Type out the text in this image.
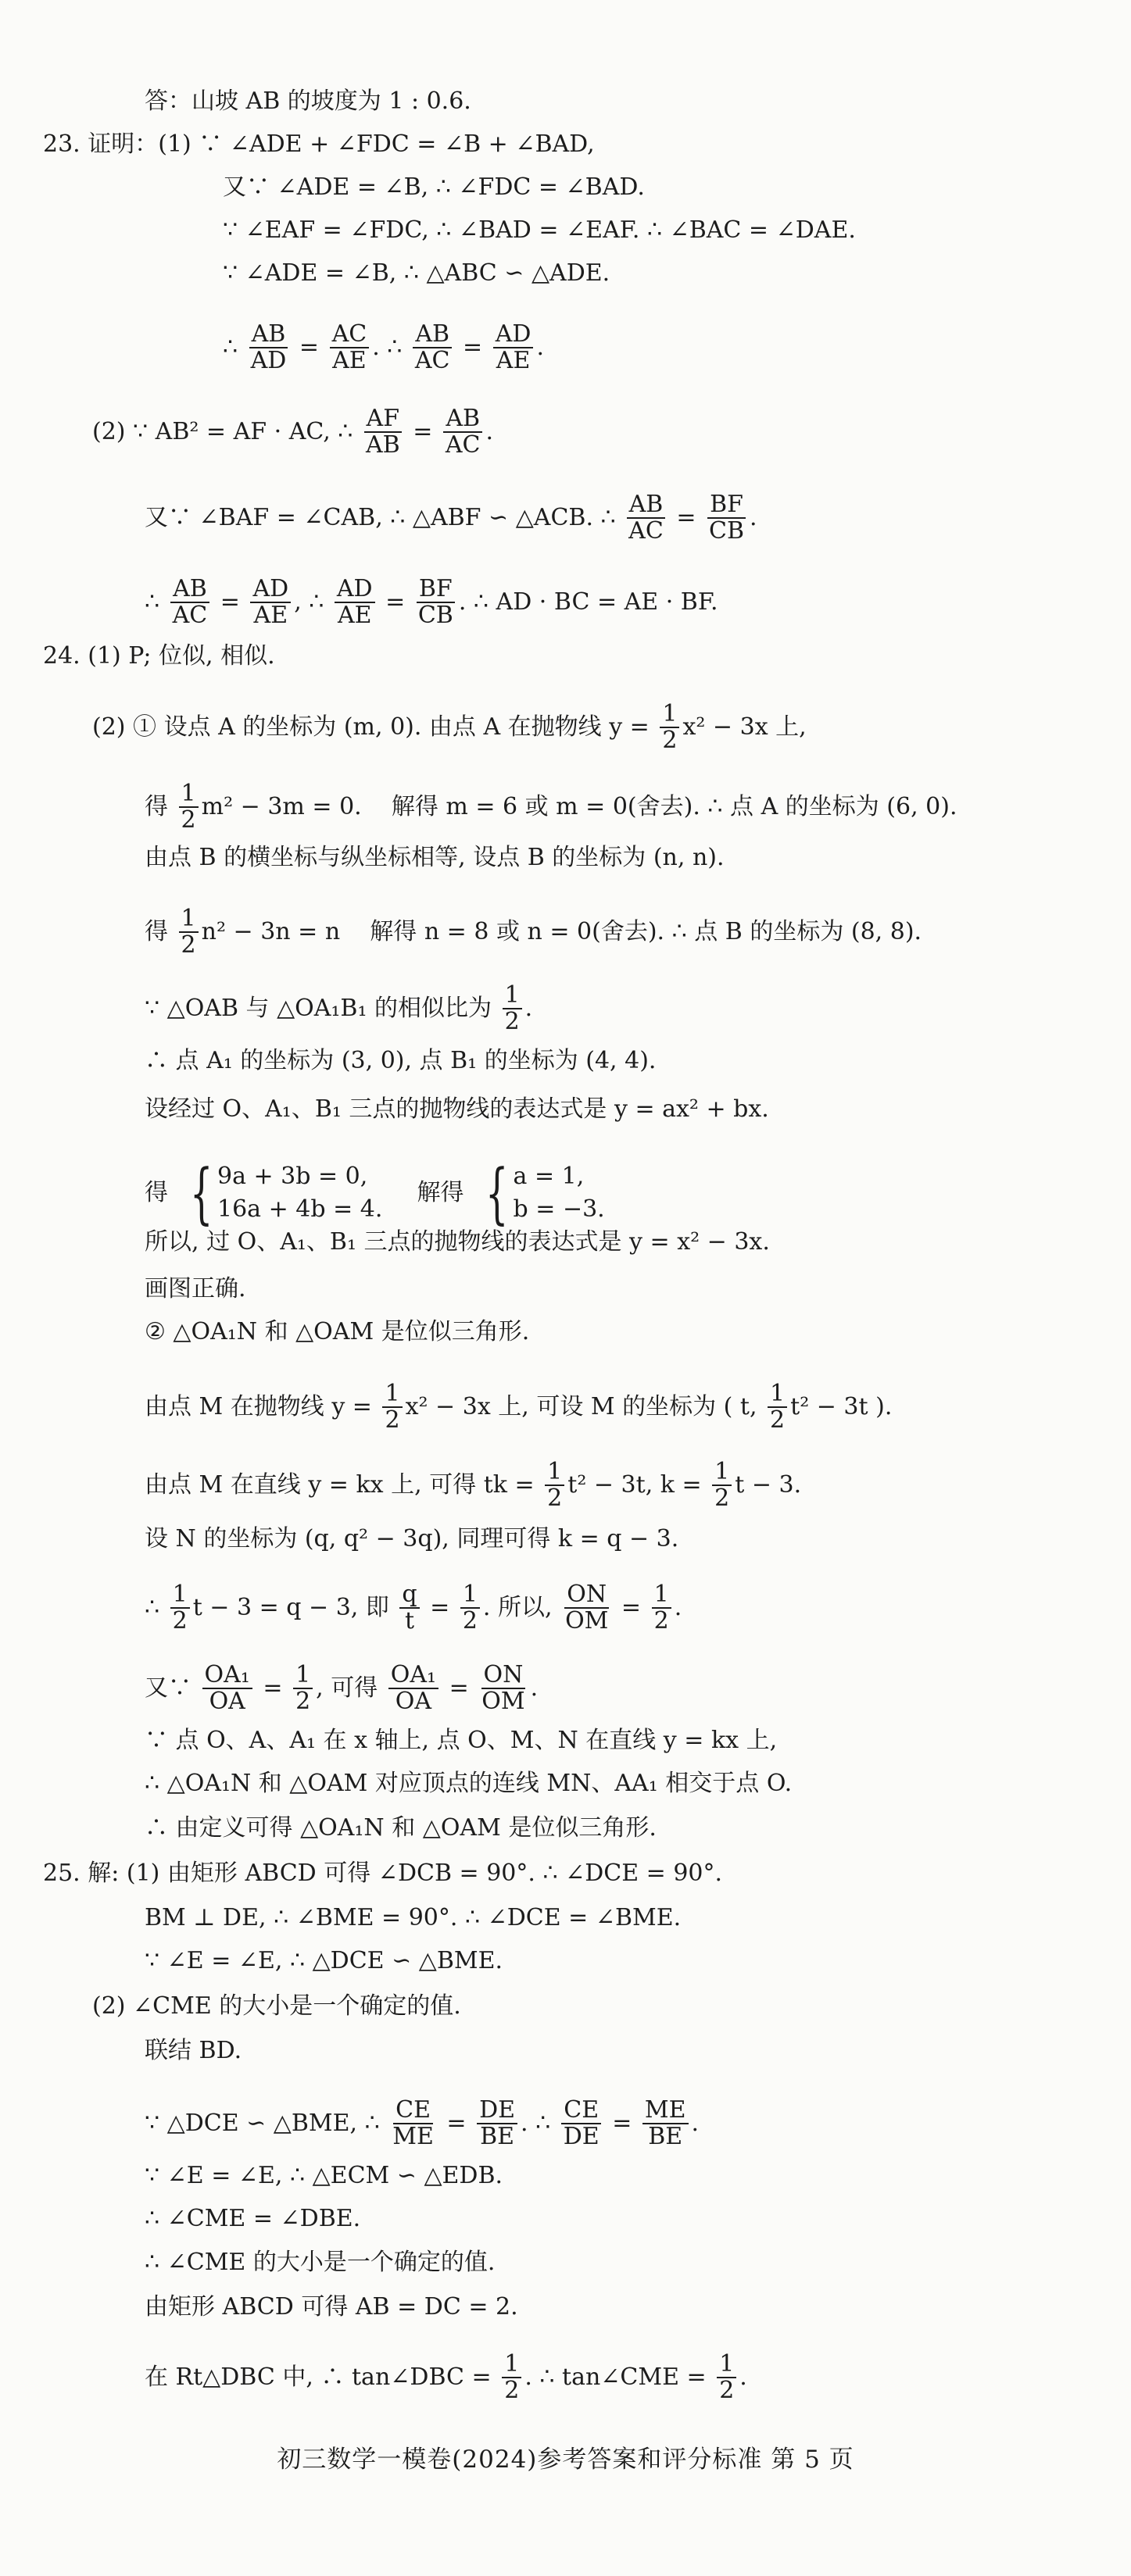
答：山坡 AB 的坡度为 1 : 0.6.
23. 证明：(1) ∵ ∠ADE + ∠FDC = ∠B + ∠BAD,
又∵ ∠ADE = ∠B, ∴ ∠FDC = ∠BAD.
∵ ∠EAF = ∠FDC, ∴ ∠BAD = ∠EAF. ∴ ∠BAC = ∠DAE.
∵ ∠ADE = ∠B, ∴ △ABC ∽ △ADE.
∴ $\frac{AB}{AD} = \frac{AC}{AE}$ . ∴ $\frac{AB}{AC} = \frac{AD}{AE}$ .
(2) ∵ AB² = AF · AC, ∴ $\frac{AF}{AB} = \frac{AB}{AC}$ .
又∵ ∠BAF = ∠CAB, ∴ △ABF ∽ △ACB. ∴ $\frac{AB}{AC} = \frac{BF}{CB}$ .
∴ $\frac{AB}{AC} = \frac{AD}{AE}$ , ∴ $\frac{AD}{AE} = \frac{BF}{CB}$ . ∴ AD · BC = AE · BF.
24. (1) P; 位似, 相似.
(2) ① 设点 A 的坐标为 (m, 0). 由点 A 在抛物线 $y = \frac{1}{2} x^2 - 3x$ 上,
得 $\frac{1}{2} m^2 - 3m = 0$.    解得 m = 6 或 m = 0(舍去). ∴ 点 A 的坐标为 (6, 0).
由点 B 的横坐标与纵坐标相等, 设点 B 的坐标为 (n, n).
得 $\frac{1}{2} n^2 - 3n = n$    解得 n = 8 或 n = 0(舍去). ∴ 点 B 的坐标为 (8, 8).
∵ △OAB 与 △OA₁B₁ 的相似比为 $\frac{1}{2}$ .
∴ 点 A₁ 的坐标为 (3, 0), 点 B₁ 的坐标为 (4, 4).
设经过 O、A₁、B₁ 三点的抛物线的表达式是 y = ax² + bx.
得 { 9a + 3b = 0,
16a + 4b = 4.
解得 { a = 1,
b = −3.
所以, 过 O、A₁、B₁ 三点的抛物线的表达式是 y = x² − 3x.
画图正确.
② △OA₁N 和 △OAM 是位似三角形.
由点 M 在抛物线 $y = \frac{1}{2} x^2 - 3x$ 上, 可设 M 的坐标为 ( t, $\frac{1}{2} t^2 - 3t$ ).
由点 M 在直线 y = kx 上, 可得 tk = $\frac{1}{2} t^2 - 3t$, $k = \frac{1}{2}$ t − 3.
设 N 的坐标为 (q, q² − 3q), 同理可得 k = q − 3.
∴ $\frac{1}{2}$ t − 3 = q − 3, 即 $\frac{q}{t} = \frac{1}{2}$ . 所以, $\frac{ON}{OM} = \frac{1}{2}$ .
又∵ $\frac{\text{OA₁}}{OA} = \frac{1}{2}$ , 可得 $\frac{\text{OA₁}}{OA} = \frac{ON}{OM}$ .
∵ 点 O、A、A₁ 在 x 轴上, 点 O、M、N 在直线 y = kx 上,
∴ △OA₁N 和 △OAM 对应顶点的连线 MN、AA₁ 相交于点 O.
∴ 由定义可得 △OA₁N 和 △OAM 是位似三角形.
25. 解: (1) 由矩形 ABCD 可得 ∠DCB = 90°. ∴ ∠DCE = 90°.
BM ⊥ DE, ∴ ∠BME = 90°. ∴ ∠DCE = ∠BME.
∵ ∠E = ∠E, ∴ △DCE ∽ △BME.
(2) ∠CME 的大小是一个确定的值.
联结 BD.
∵ △DCE ∽ △BME, ∴ $\frac{CE}{ME} = \frac{DE}{BE}$ . ∴ $\frac{CE}{DE} = \frac{ME}{BE}$ .
∵ ∠E = ∠E, ∴ △ECM ∽ △EDB.
∴ ∠CME = ∠DBE.
∴ ∠CME 的大小是一个确定的值.
由矩形 ABCD 可得 AB = DC = 2.
在 Rt△DBC 中, ∴ tan∠DBC = $\frac{1}{2}$ . ∴ tan∠CME = $\frac{1}{2}$ .
初三数学一模卷(2024)参考答案和评分标准 第 5 页
